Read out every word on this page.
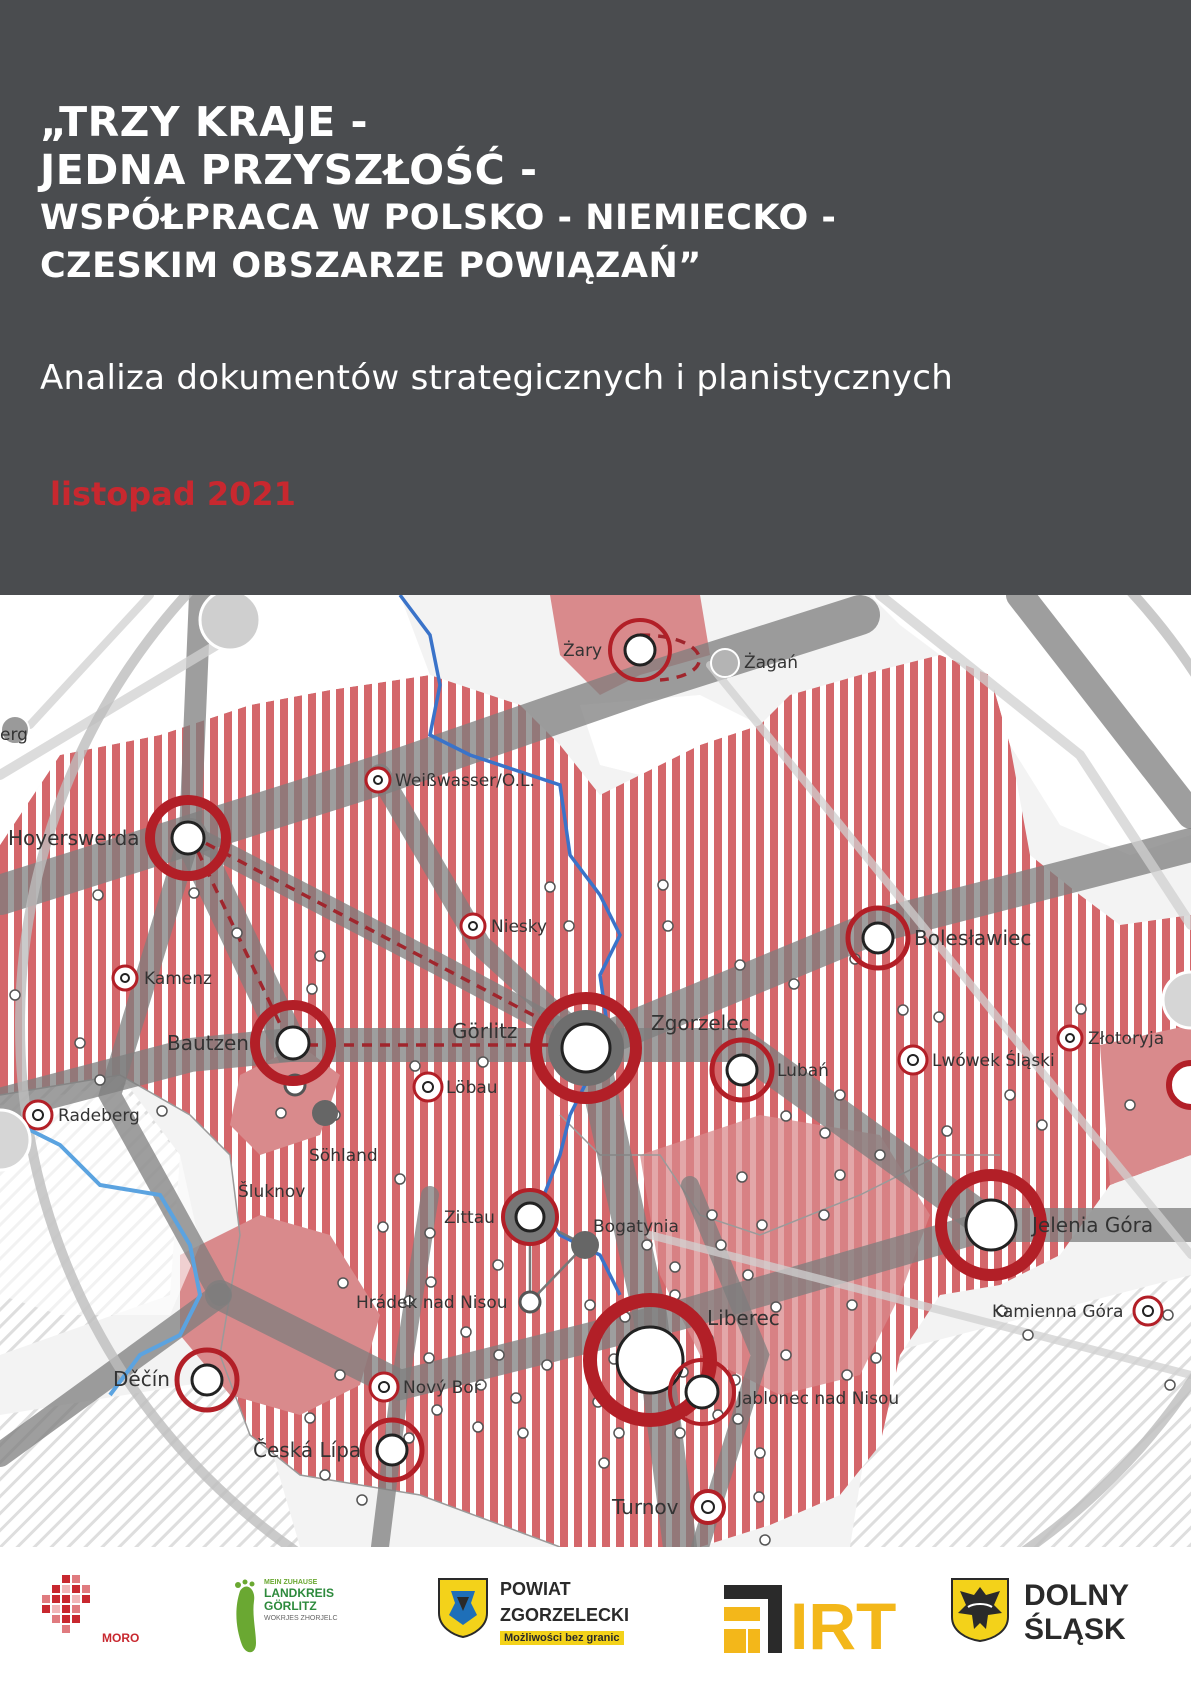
„TRZY KRAJE -
JEDNA PRZYSZŁOŚĆ -
WSPÓŁPRACA W POLSKO - NIEMIECKO -
CZESKIM OBSZARZE POWIĄZAŃ”
Analiza dokumentów strategicznych i planistycznych
listopad 2021
Żary
Żagań
erg
Weißwasser/O.L.
Hoyerswerda
Niesky	Bolesławiec
Kamenz
Bautzen	Görlitz	Zgorzelec
Złotoryja
Lwówek Śląski
Lubań
Löbau
Radeberg
Söhland
Šluknov
Zittau	Bogatynia	Jelenia Góra
Hrádek nad Nisou
Liberec	Kamienna Góra
Děčín	Nový Bor
Jablonec nad Nisou
Česká Lípa
Turnov
MORO
MEIN ZUHAUSE
LANDKREIS
GÖRLITZ
WOKRJES ZHORJELC
POWIAT
ZGORZELECKI
Możliwości bez granic	IRT	DOLNY
ŚLĄSK
